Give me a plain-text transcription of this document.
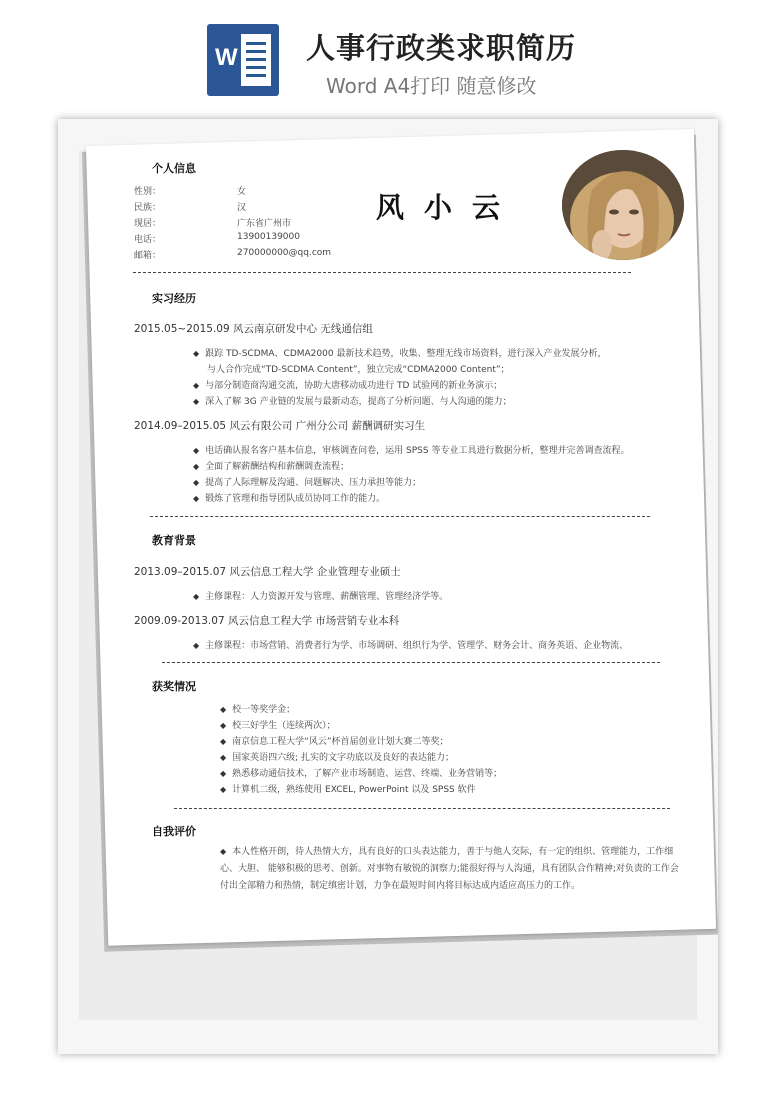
W 人事行政类求职简历
Word A4打印 随意修改
个人信息
性别：	女
民族：	汉
现居：	广东省广州市
电话：	13900139000
邮箱：	270000000@qq.com
风小云
实习经历
2015.05~2015.09 风云南京研发中心 无线通信组
◆ 跟踪 TD-SCDMA、CDMA2000 最新技术趋势，收集、整理无线市场资料，进行深入产业发展分析，
与人合作完成“TD-SCDMA Content”，独立完成“CDMA2000 Content”；
◆ 与部分制造商沟通交流，协助大唐移动成功进行 TD 试验网的新业务演示；
◆ 深入了解 3G 产业链的发展与最新动态，提高了分析问题、与人沟通的能力；
2014.09–2015.05 风云有限公司 广州分公司 薪酬调研实习生
◆ 电话确认报名客户基本信息，审核调查问卷，运用 SPSS 等专业工具进行数据分析，整理并完善调查流程。
◆ 全面了解薪酬结构和薪酬调查流程；
◆ 提高了人际理解及沟通、问题解决、压力承担等能力；
◆ 锻炼了管理和指导团队成员协同工作的能力。
教育背景
2013.09–2015.07 风云信息工程大学 企业管理专业硕士
◆ 主修课程：人力资源开发与管理、薪酬管理、管理经济学等。
2009.09-2013.07 风云信息工程大学 市场营销专业本科
◆ 主修课程：市场营销、消费者行为学、市场调研、组织行为学、管理学、财务会计、商务英语、企业物流、
获奖情况
◆ 校一等奖学金；
◆ 校三好学生（连续两次）；
◆ 南京信息工程大学“风云”杯首届创业计划大赛二等奖；
◆ 国家英语四六级; 扎实的文字功底以及良好的表达能力；
◆ 熟悉移动通信技术，了解产业市场制造、运营、终端、业务营销等；
◆ 计算机二级，熟练使用 EXCEL, PowerPoint 以及 SPSS 软件
自我评价
◆ 本人性格开朗，待人热情大方，具有良好的口头表达能力，善于与他人交际，有一定的组织、管理能力，工作细心、大胆、 能够积极的思考、创新。对事物有敏锐的洞察力;能很好得与人沟通，具有团队合作精神;对负责的工作会付出全部精力和热情，制定缜密计划，力争在最短时间内将目标达成内适应高压力的工作。
